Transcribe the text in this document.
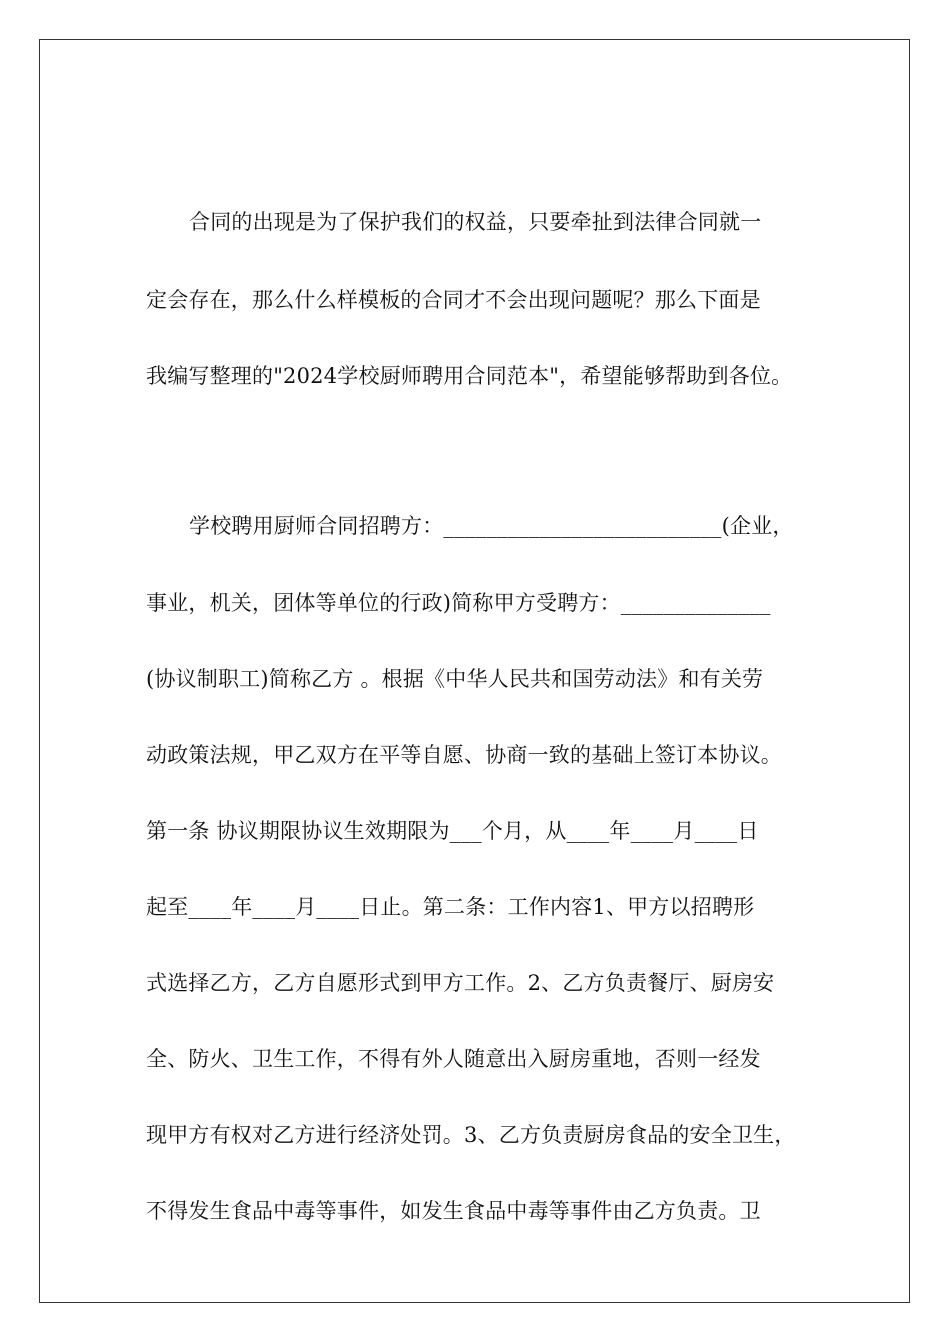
合同的出现是为了保护我们的权益，只要牵扯到法律合同就一
定会存在，那么什么样模板的合同才不会出现问题呢？那么下面是
我编写整理的"2024学校厨师聘用合同范本"，希望能够帮助到各位。
学校聘用厨师合同招聘方：__________________________(企业，
事业，机关，团体等单位的行政)简称甲方受聘方：______________
(协议制职工)简称乙方 。根据《中华人民共和国劳动法》和有关劳
动政策法规，甲乙双方在平等自愿、协商一致的基础上签订本协议。
第一条 协议期限协议生效期限为___个月，从____年____月____日
起至____年____月____日止。第二条：工作内容1、甲方以招聘形
式选择乙方，乙方自愿形式到甲方工作。2、乙方负责餐厅、厨房安
全、防火、卫生工作，不得有外人随意出入厨房重地，否则一经发
现甲方有权对乙方进行经济处罚。3、乙方负责厨房食品的安全卫生，
不得发生食品中毒等事件，如发生食品中毒等事件由乙方负责。卫
